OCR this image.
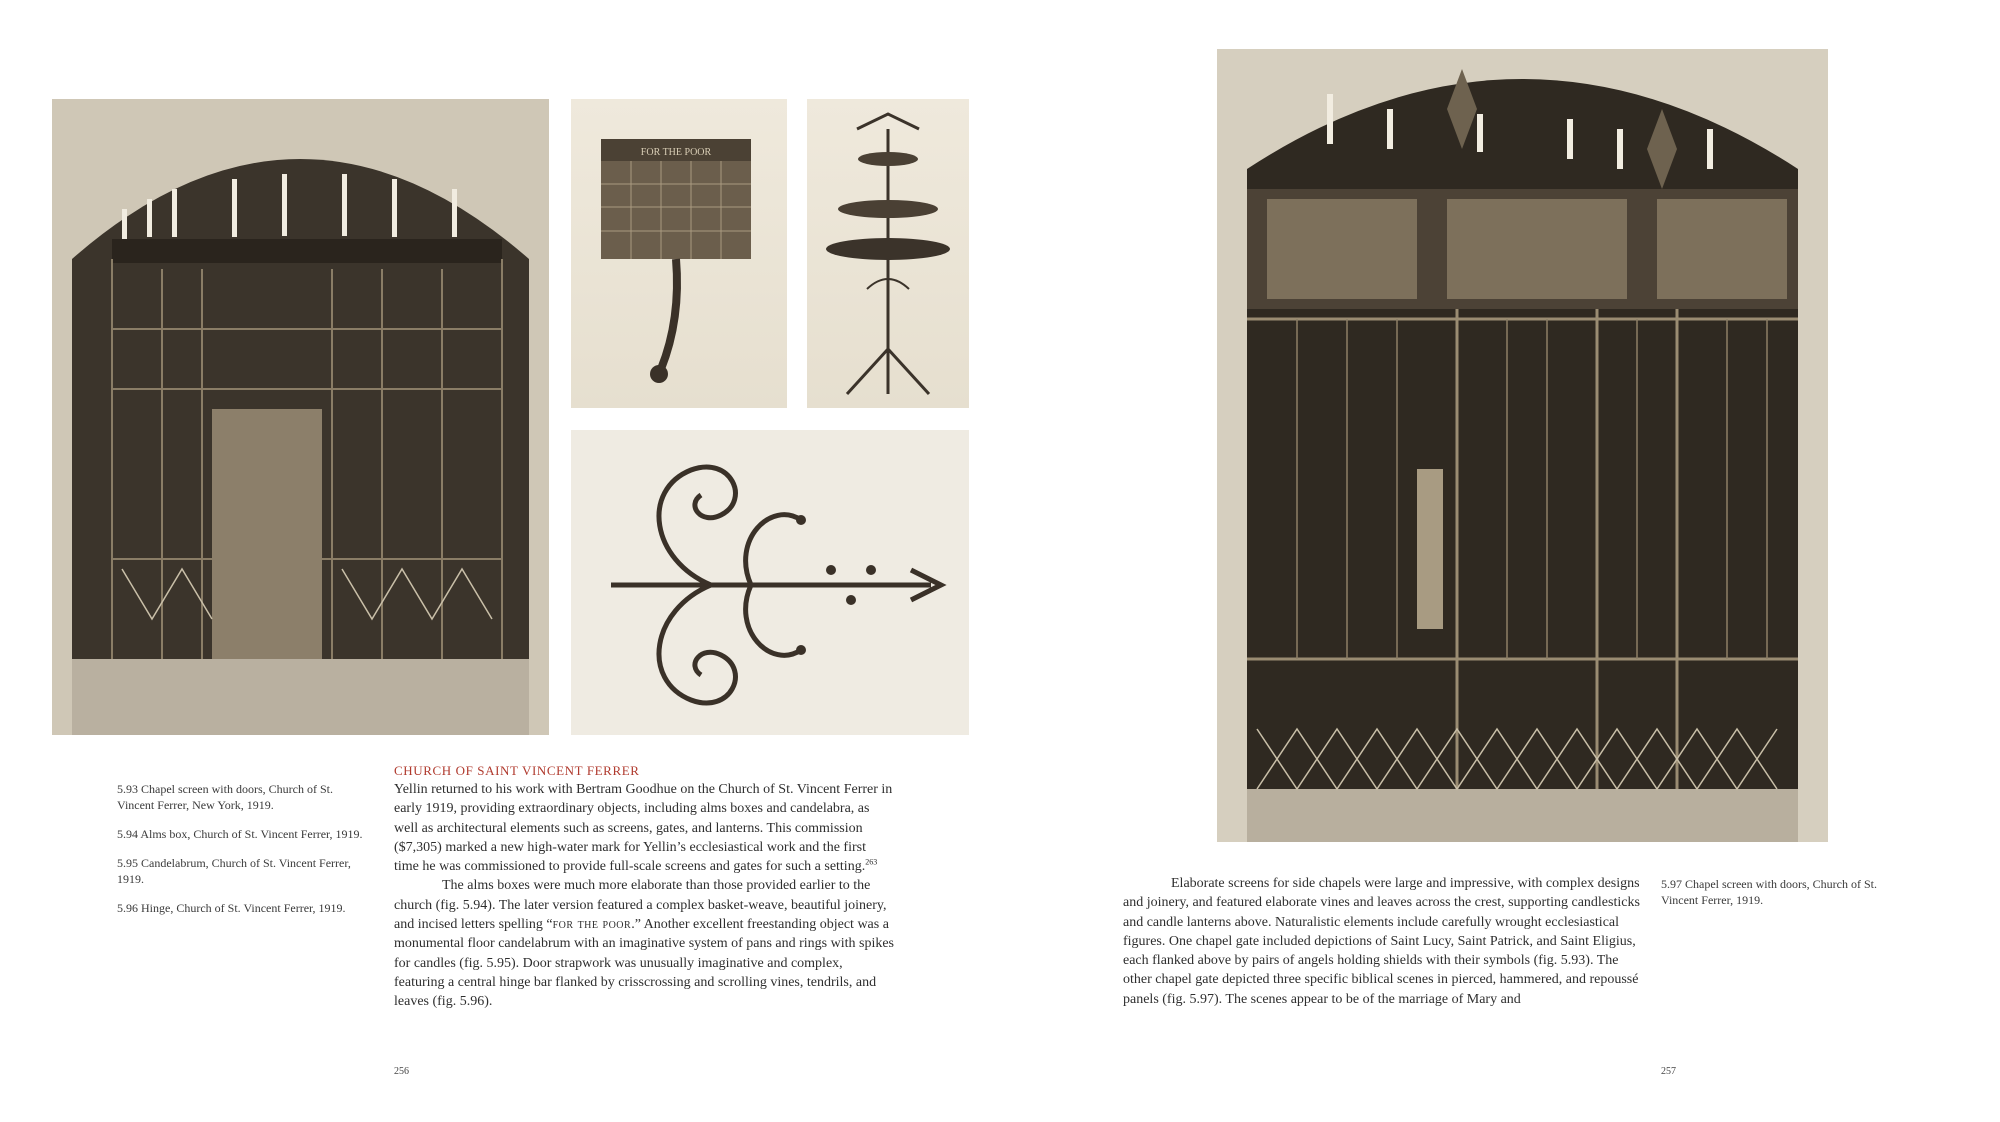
FOR THE POOR

5.93 Chapel screen with doors, Church of St. Vincent Ferrer, New York, 1919.

5.94 Alms box, Church of St. Vincent Ferrer, 1919.

5.95 Candelabrum, Church of St. Vincent Ferrer, 1919.

5.96 Hinge, Church of St. Vincent Ferrer, 1919.

CHURCH OF SAINT VINCENT FERRER

Yellin returned to his work with Bertram Goodhue on the Church of St. Vincent Ferrer in early 1919, providing extraordinary objects, including alms boxes and candelabra, as well as architectural elements such as screens, gates, and lanterns. This commission ($7,305) marked a new high-water mark for Yellin’s ecclesiastical work and the first time he was commissioned to provide full-scale screens and gates for such a setting.$^{263}$

The alms boxes were much more elaborate than those provided earlier to the church (fig. 5.94). The later version featured a complex basket-weave, beautiful joinery, and incised letters spelling “for the poor.” Another excellent freestanding object was a monumental floor candelabrum with an imaginative system of pans and rings with spikes for candles (fig. 5.95). Door strapwork was unusually imaginative and complex, featuring a central hinge bar flanked by crisscrossing and scrolling vines, tendrils, and leaves (fig. 5.96).

256

Elaborate screens for side chapels were large and impressive, with complex designs and joinery, and featured elaborate vines and leaves across the crest, supporting candlesticks and candle lanterns above. Naturalistic elements include carefully wrought ecclesiastical figures. One chapel gate included depictions of Saint Lucy, Saint Patrick, and Saint Eligius, each flanked above by pairs of angels holding shields with their symbols (fig. 5.93). The other chapel gate depicted three specific biblical scenes in pierced, hammered, and repoussé panels (fig. 5.97). The scenes appear to be of the marriage of Mary and

5.97 Chapel screen with doors, Church of St. Vincent Ferrer, 1919.

257
